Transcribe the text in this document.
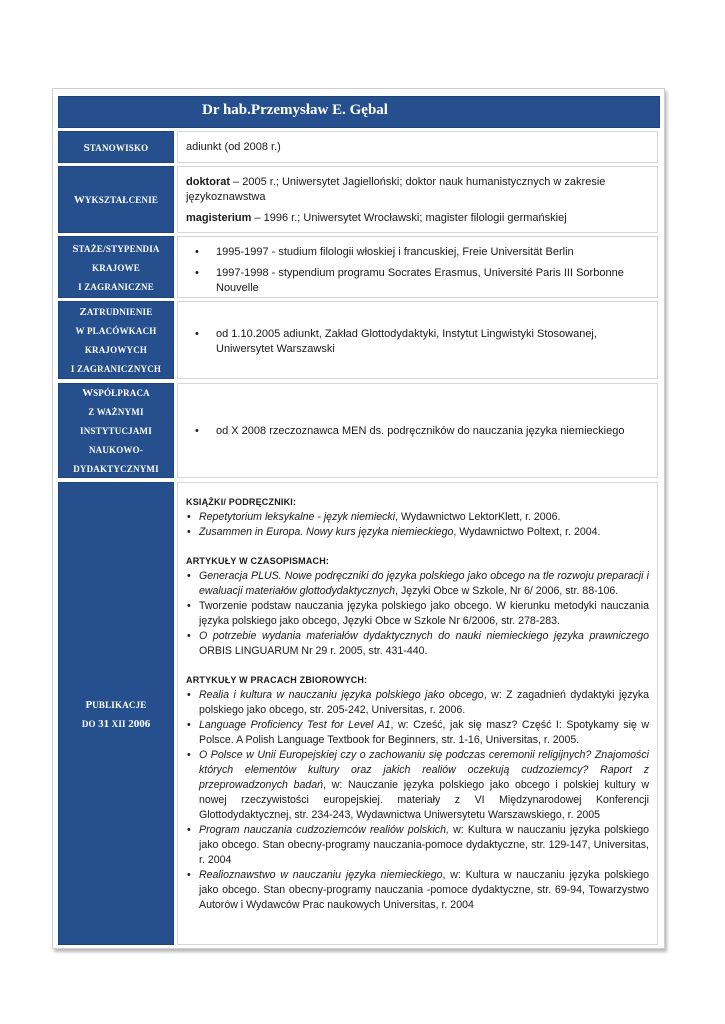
Dr hab.Przemysław E. Gębal
STANOWISKO	adiunkt (od 2008 r.)

WYKSZTAŁCENIE

doktorat – 2005 r.; Uniwersytet Jagielloński; doktor nauk humanistycznych w zakresie językoznawstwa

magisterium – 1996 r.; Uniwersytet Wrocławski; magister filologii germańskiej

STAŻE/STYPENDIA
KRAJOWE
I ZAGRANICZNE
• 1995-1997 - studium filologii włoskiej i francuskiej, Freie Universität Berlin
• 1997-1998 - stypendium programu Socrates Erasmus, Université Paris III Sorbonne Nouvelle
ZATRUDNIENIE
W PLACÓWKACH
KRAJOWYCH
I ZAGRANICZNYCH
• od 1.10.2005 adiunkt, Zakład Glottodydaktyki, Instytut Lingwistyki Stosowanej, Uniwersytet Warszawski
WSPÓŁPRACA
Z WAŻNYMI
INSTYTUCJAMI
NAUKOWO-
DYDAKTYCZNYMI
• od X 2008 rzeczoznawca MEN ds. podręczników do nauczania języka niemieckiego
PUBLIKACJE
DO 31 XII 2006

KSIĄŻKI/ PODRĘCZNIKI:

• Repetytorium leksykalne - język niemiecki, Wydawnictwo LektorKlett, r. 2006.
• Zusammen in Europa. Nowy kurs języka niemieckiego, Wydawnictwo Poltext, r. 2004.

ARTYKUŁY W CZASOPISMACH:

• Generacja PLUS. Nowe podręczniki do języka polskiego jako obcego na tle rozwoju preparacji i ewaluacji materiałów glottodydaktycznych, Języki Obce w Szkole, Nr 6/ 2006, str. 88-106.
• Tworzenie podstaw nauczania języka polskiego jako obcego. W kierunku metodyki nauczania języka polskiego jako obcego, Języki Obce w Szkole Nr 6/2006, str. 278-283.
• O potrzebie wydania materiałów dydaktycznych do nauki niemieckiego języka prawniczego ORBIS LINGUARUM Nr 29 r. 2005, str. 431-440.

ARTYKUŁY W PRACACH ZBIOROWYCH:

• Realia i kultura w nauczaniu języka polskiego jako obcego, w: Z zagadnień dydaktyki języka polskiego jako obcego, str. 205-242, Universitas, r. 2006.
• Language Proficiency Test for Level A1, w: Cześć, jak się masz? Część I: Spotykamy się w Polsce. A Polish Language Textbook for Beginners, str. 1-16, Universitas, r. 2005.
• O Polsce w Unii Europejskiej czy o zachowaniu się podczas ceremonii religijnych? Znajomości których elementów kultury oraz jakich realiów oczekują cudzoziemcy? Raport z przeprowadzonych badań, w: Nauczanie języka polskiego jako obcego i polskiej kultury w nowej rzeczywistości europejskiej. materiały z VI Międzynarodowej Konferencji Glottodydaktycznej, str. 234-243, Wydawnictwa Uniwersytetu Warszawskiego, r. 2005
• Program nauczania cudzoziemców realiów polskich, w: Kultura w nauczaniu języka polskiego jako obcego. Stan obecny-programy nauczania-pomoce dydaktyczne, str. 129-147, Universitas, r. 2004
• Realioznawstwo w nauczaniu języka niemieckiego, w: Kultura w nauczaniu języka polskiego jako obcego. Stan obecny-programy nauczania -pomoce dydaktyczne, str. 69-94, Towarzystwo Autorów i Wydawców Prac naukowych Universitas, r. 2004
